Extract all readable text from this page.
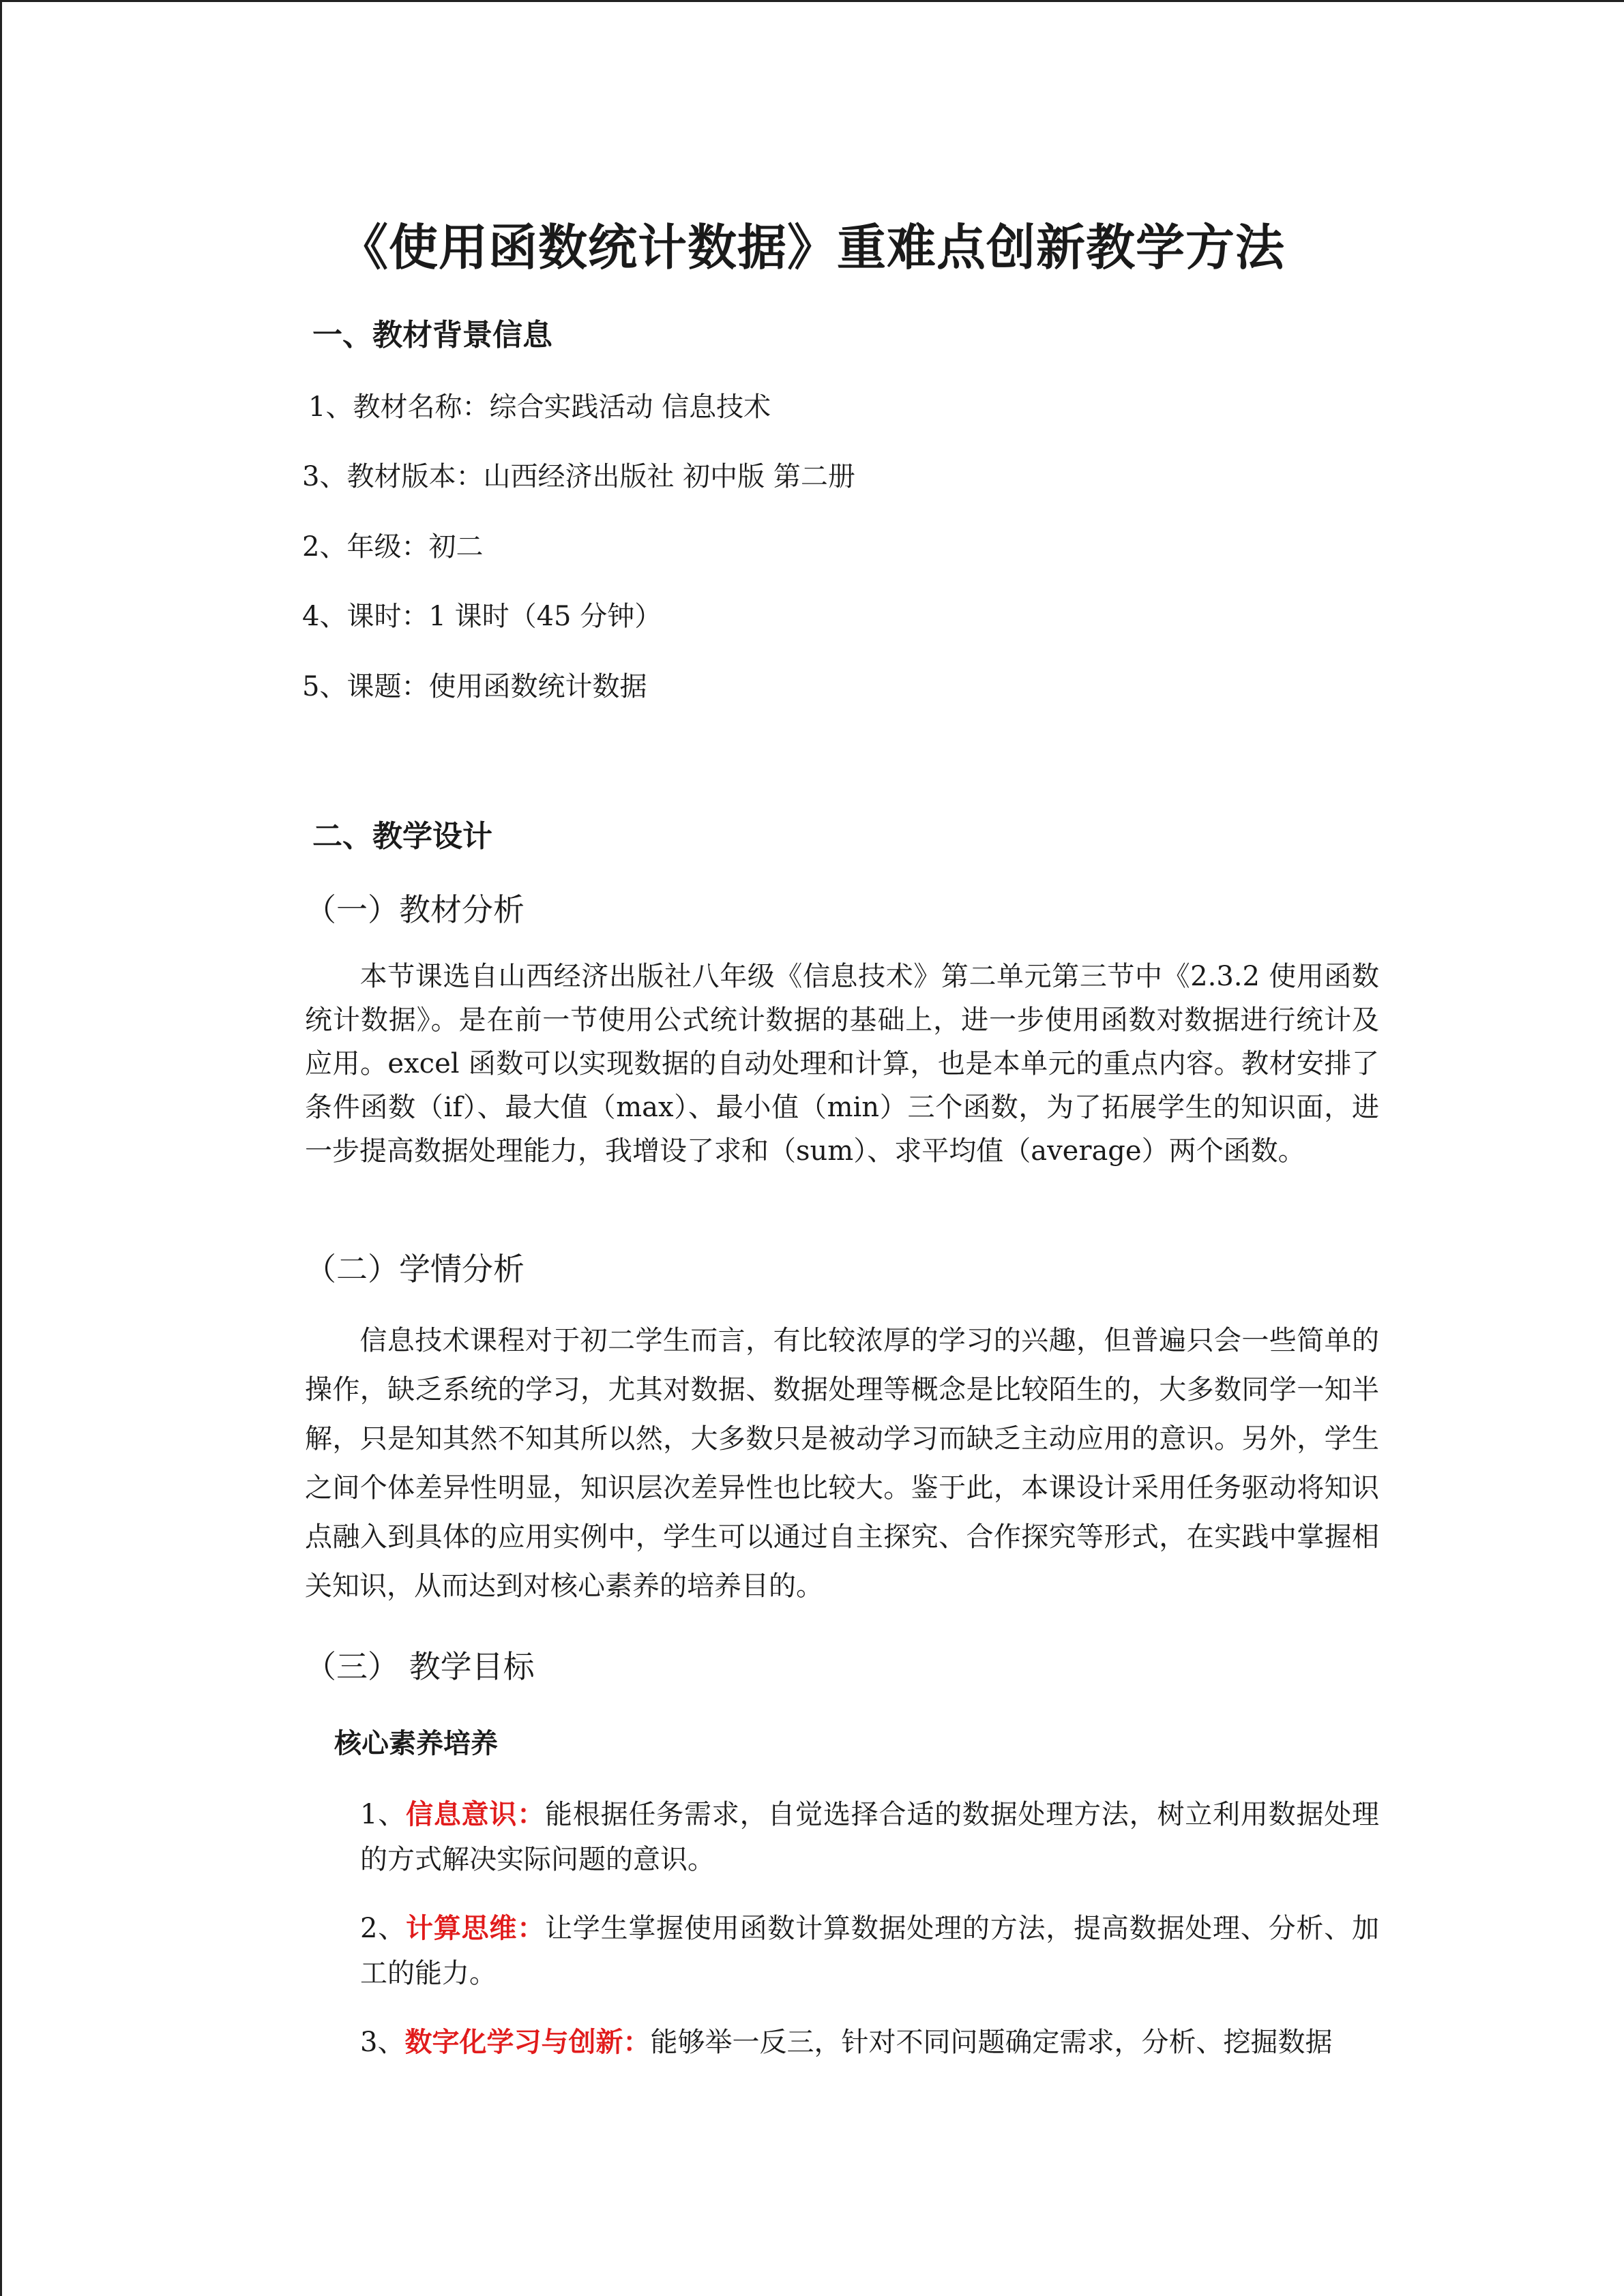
《使用函数统计数据》重难点创新教学方法
一、教材背景信息
1、教材名称：综合实践活动 信息技术
3、教材版本：山西经济出版社 初中版 第二册
2、年级：初二
4、课时：1 课时（45 分钟）
5、课题：使用函数统计数据
二、教学设计
（一）教材分析
本节课选自山西经济出版社八年级《信息技术》第二单元第三节中《2.3.2 使用函数统计数据》。是在前一节使用公式统计数据的基础上，进一步使用函数对数据进行统计及应用。excel 函数可以实现数据的自动处理和计算，也是本单元的重点内容。教材安排了条件函数（if）、最大值（max）、最小值（min）三个函数，为了拓展学生的知识面，进一步提高数据处理能力，我增设了求和（sum）、求平均值（average）两个函数。
（二）学情分析
信息技术课程对于初二学生而言，有比较浓厚的学习的兴趣，但普遍只会一些简单的操作，缺乏系统的学习，尤其对数据、数据处理等概念是比较陌生的，大多数同学一知半解，只是知其然不知其所以然，大多数只是被动学习而缺乏主动应用的意识。另外，学生之间个体差异性明显，知识层次差异性也比较大。鉴于此，本课设计采用任务驱动将知识点融入到具体的应用实例中，学生可以通过自主探究、合作探究等形式，在实践中掌握相关知识，从而达到对核心素养的培养目的。
（三） 教学目标
核心素养培养
1、信息意识：能根据任务需求，自觉选择合适的数据处理方法，树立利用数据处理的方式解决实际问题的意识。
2、计算思维：让学生掌握使用函数计算数据处理的方法，提高数据处理、分析、加工的能力。
3、数字化学习与创新：能够举一反三，针对不同问题确定需求，分析、挖掘数据
